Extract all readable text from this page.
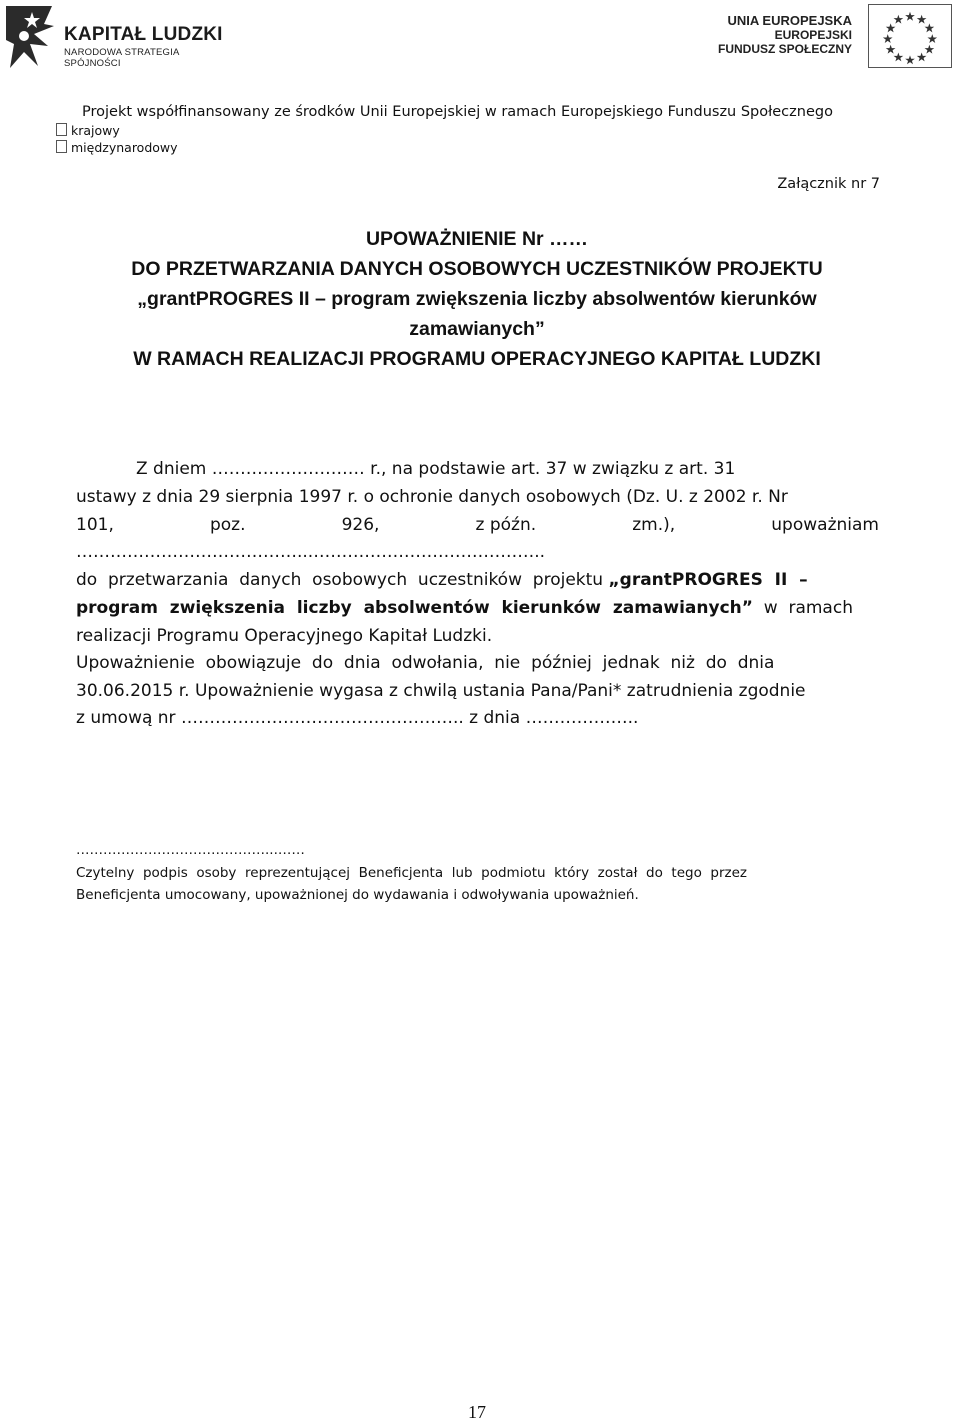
KAPITAŁ LUDZKI
NARODOWA STRATEGIA SPÓJNOŚCI
UNIA EUROPEJSKA
EUROPEJSKI
FUNDUSZ SPOŁECZNY
Projekt współfinansowany ze środków Unii Europejskiej w ramach Europejskiego Funduszu Społecznego
krajowy
międzynarodowy
Załącznik nr 7
UPOWAŻNIENIE Nr ……
DO PRZETWARZANIA DANYCH OSOBOWYCH UCZESTNIKÓW PROJEKTU
„grantPROGRES II – program zwiększenia liczby absolwentów kierunków
zamawianych”
W RAMACH REALIZACJI PROGRAMU OPERACYJNEGO KAPITAŁ LUDZKI
Z dniem ……………………… r., na podstawie art. 37 w związku z art. 31
ustawy z dnia 29 sierpnia 1997 r. o ochronie danych osobowych (Dz. U. z 2002 r. Nr
101,	poz.	926,	z późn.	zm.),	upoważniam
…………………………………...…………………………………..
do  przetwarzania  danych  osobowych  uczestników  projektu „grantPROGRES  II  –
program  zwiększenia  liczby  absolwentów  kierunków  zamawianych”  w  ramach
realizacji Programu Operacyjnego Kapitał Ludzki.
Upoważnienie  obowiązuje  do  dnia  odwołania,  nie  później  jednak  niż  do  dnia
30.06.2015 r. Upoważnienie wygasa z chwilą ustania Pana/Pani* zatrudnienia zgodnie
z umową nr ………………………………………….. z dnia ………………..
……………………………………...……
Czytelny  podpis  osoby  reprezentującej  Beneficjenta  lub  podmiotu  który  został  do  tego  przez
Beneficjenta umocowany, upoważnionej do wydawania i odwoływania upoważnień.
17
